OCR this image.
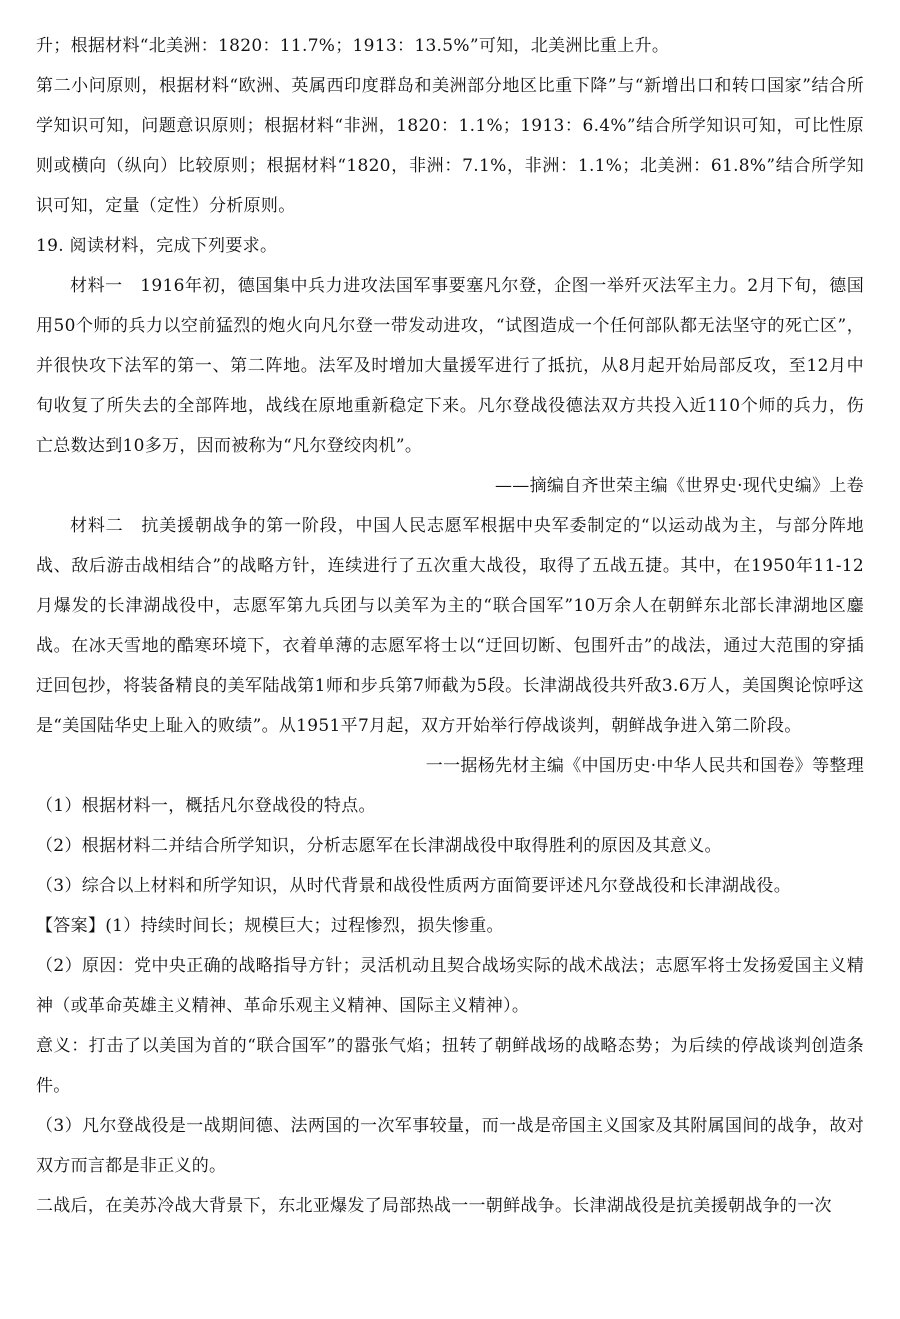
升；根据材料“北美洲：1820：11.7%；1913：13.5%”可知，北美洲比重上升。

第二小问原则，根据材料“欧洲、英属西印度群岛和美洲部分地区比重下降”与“新增出口和转口国家”结合所学知识可知，问题意识原则；根据材料“非洲，1820：1.1%；1913：6.4%”结合所学知识可知，可比性原则或横向（纵向）比较原则；根据材料“1820，非洲：7.1%，非洲：1.1%；北美洲：61.8%”结合所学知识可知，定量（定性）分析原则。

19. 阅读材料，完成下列要求。

材料一　1916年初，德国集中兵力进攻法国军事要塞凡尔登，企图一举歼灭法军主力。2月下旬，德国用50个师的兵力以空前猛烈的炮火向凡尔登一带发动进攻，“试图造成一个任何部队都无法坚守的死亡区”，并很快攻下法军的第一、第二阵地。法军及时增加大量援军进行了抵抗，从8月起开始局部反攻，至12月中旬收复了所失去的全部阵地，战线在原地重新稳定下来。凡尔登战役德法双方共投入近110个师的兵力，伤亡总数达到10多万，因而被称为“凡尔登绞肉机”。

——摘编自齐世荣主编《世界史·现代史编》上卷

材料二　抗美援朝战争的第一阶段，中国人民志愿军根据中央军委制定的“以运动战为主，与部分阵地战、敌后游击战相结合”的战略方针，连续进行了五次重大战役，取得了五战五捷。其中，在1950年11-12月爆发的长津湖战役中，志愿军第九兵团与以美军为主的“联合国军”10万余人在朝鲜东北部长津湖地区鏖战。在冰天雪地的酷寒环境下，衣着单薄的志愿军将士以“迂回切断、包围歼击”的战法，通过大范围的穿插迂回包抄，将装备精良的美军陆战第1师和步兵第7师截为5段。长津湖战役共歼敌3.6万人，美国舆论惊呼这是“美国陆华史上耻入的败绩”。从1951平7月起，双方开始举行停战谈判，朝鲜战争进入第二阶段。

一一据杨先材主编《中国历史·中华人民共和国卷》等整理

（1）根据材料一，概括凡尔登战役的特点。

（2）根据材料二并结合所学知识，分析志愿军在长津湖战役中取得胜利的原因及其意义。

（3）综合以上材料和所学知识，从时代背景和战役性质两方面简要评述凡尔登战役和长津湖战役。

【答案】(1）持续时间长；规模巨大；过程惨烈，损失惨重。

（2）原因：党中央正确的战略指导方针；灵活机动且契合战场实际的战术战法；志愿军将士发扬爱国主义精神（或革命英雄主义精神、革命乐观主义精神、国际主义精神）。

意义：打击了以美国为首的“联合国军”的嚣张气焰；扭转了朝鲜战场的战略态势；为后续的停战谈判创造条件。

（3）凡尔登战役是一战期间德、法两国的一次军事较量，而一战是帝国主义国家及其附属国间的战争，故对双方而言都是非正义的。

二战后，在美苏冷战大背景下，东北亚爆发了局部热战一一朝鲜战争。长津湖战役是抗美援朝战争的一次
